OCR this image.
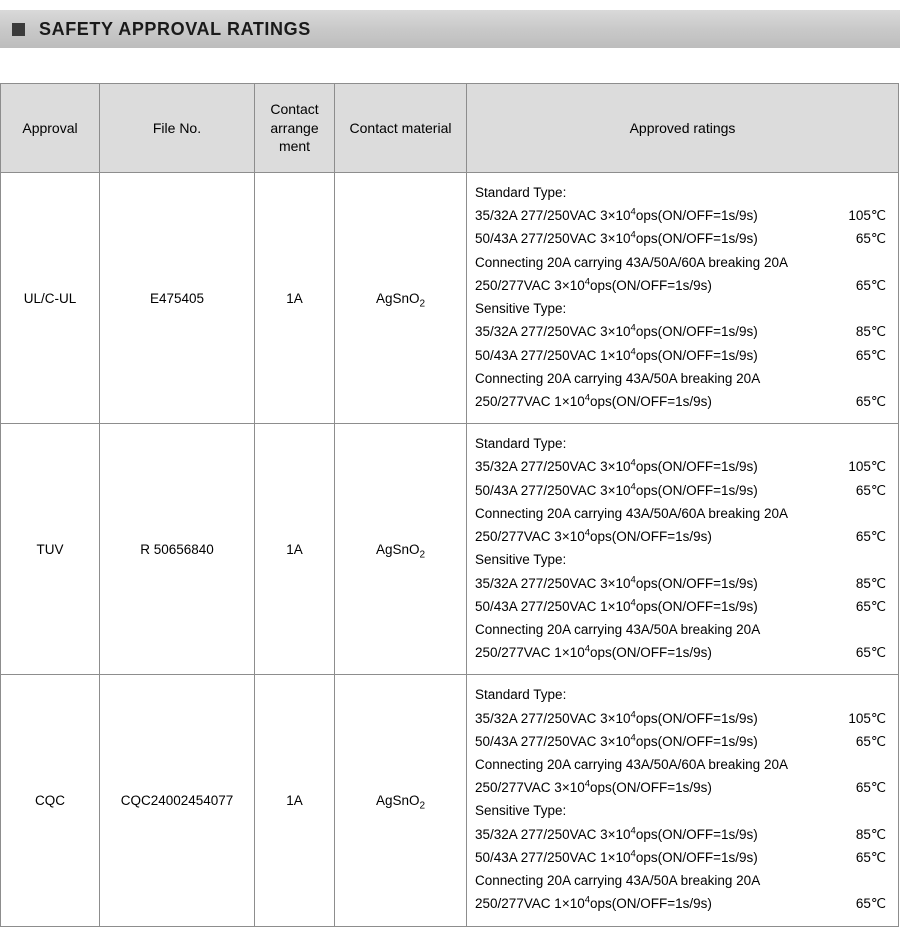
SAFETY APPROVAL RATINGS
Approval	File No.	Contact arrange ment	Contact material	Approved ratings
UL/C-UL	E475405	1A	AgSnO$_2$	
Standard Type:
35/32A 277/250VAC $3\times 10^4ops(ON/OFF=1s/9s)$	105℃
50/43A 277/250VAC $3\times 10^4ops(ON/OFF=1s/9s)$	65℃
Connecting 20A carrying 43A/50A/60A breaking 20A
250/277VAC $3\times 10^4ops(ON/OFF=1s/9s)$	65℃
Sensitive Type:
35/32A 277/250VAC $3\times 10^4ops(ON/OFF=1s/9s)$	85℃
50/43A 277/250VAC $1\times 10^4ops(ON/OFF=1s/9s)$	65℃
Connecting 20A carrying 43A/50A breaking 20A
250/277VAC $1\times 10^4ops(ON/OFF=1s/9s)$	65℃

TUV	R 50656840	1A	AgSnO$_2$	
Standard Type:
35/32A 277/250VAC $3\times 10^4ops(ON/OFF=1s/9s)$	105℃
50/43A 277/250VAC $3\times 10^4ops(ON/OFF=1s/9s)$	65℃
Connecting 20A carrying 43A/50A/60A breaking 20A
250/277VAC $3\times 10^4ops(ON/OFF=1s/9s)$	65℃
Sensitive Type:
35/32A 277/250VAC $3\times 10^4ops(ON/OFF=1s/9s)$	85℃
50/43A 277/250VAC $1\times 10^4ops(ON/OFF=1s/9s)$	65℃
Connecting 20A carrying 43A/50A breaking 20A
250/277VAC $1\times 10^4ops(ON/OFF=1s/9s)$	65℃

CQC	CQC24002454077	1A	AgSnO$_2$	
Standard Type:
35/32A 277/250VAC $3\times 10^4ops(ON/OFF=1s/9s)$	105℃
50/43A 277/250VAC $3\times 10^4ops(ON/OFF=1s/9s)$	65℃
Connecting 20A carrying 43A/50A/60A breaking 20A
250/277VAC $3\times 10^4ops(ON/OFF=1s/9s)$	65℃
Sensitive Type:
35/32A 277/250VAC $3\times 10^4ops(ON/OFF=1s/9s)$	85℃
50/43A 277/250VAC $1\times 10^4ops(ON/OFF=1s/9s)$	65℃
Connecting 20A carrying 43A/50A breaking 20A
250/277VAC $1\times 10^4ops(ON/OFF=1s/9s)$	65℃
